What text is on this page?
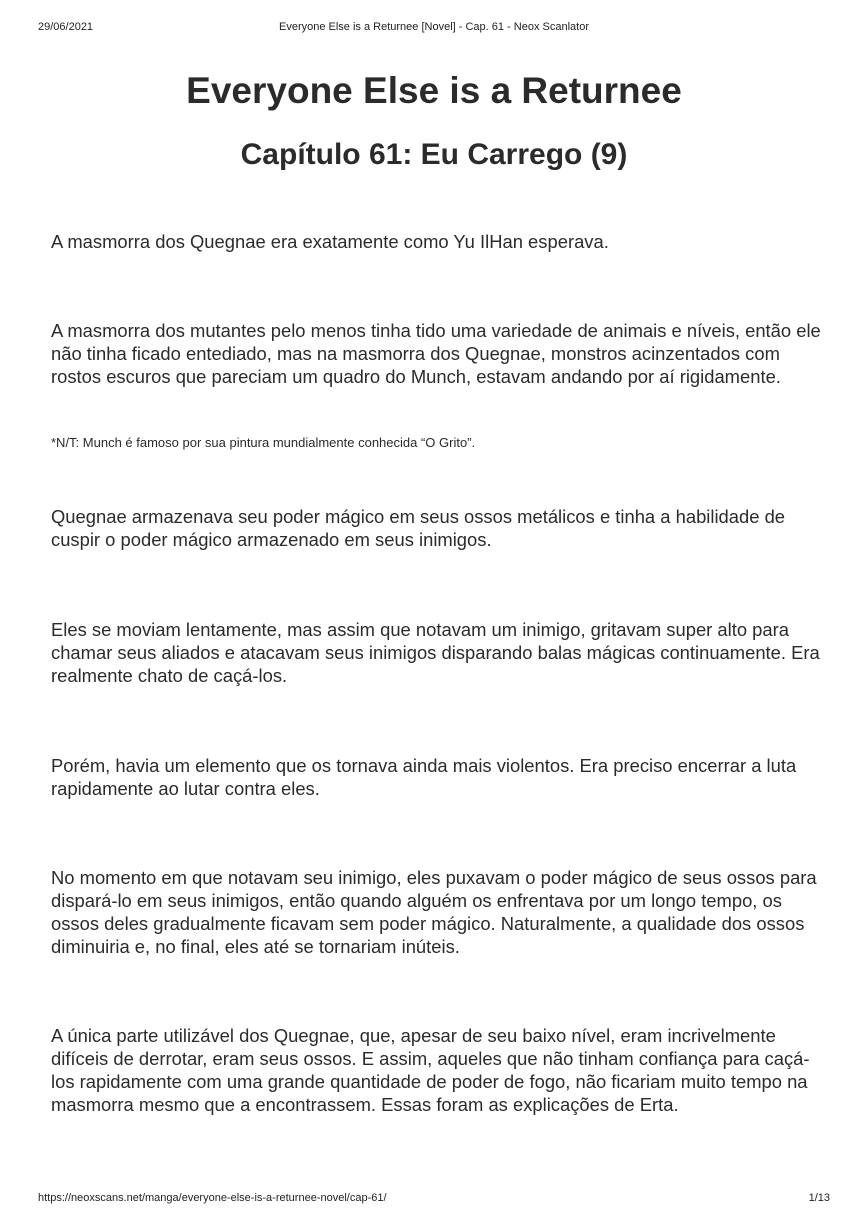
29/06/2021	Everyone Else is a Returnee [Novel] - Cap. 61 - Neox Scanlator
Everyone Else is a Returnee
Capítulo 61: Eu Carrego (9)

A masmorra dos Quegnae era exatamente como Yu IlHan esperava.

A masmorra dos mutantes pelo menos tinha tido uma variedade de animais e níveis, então ele não tinha ficado entediado, mas na masmorra dos Quegnae, monstros acinzentados com rostos escuros que pareciam um quadro do Munch, estavam andando por aí rigidamente.

*N/T: Munch é famoso por sua pintura mundialmente conhecida “O Grito”.

Quegnae armazenava seu poder mágico em seus ossos metálicos e tinha a habilidade de cuspir o poder mágico armazenado em seus inimigos.

Eles se moviam lentamente, mas assim que notavam um inimigo, gritavam super alto para chamar seus aliados e atacavam seus inimigos disparando balas mágicas continuamente. Era realmente chato de caçá-los.

Porém, havia um elemento que os tornava ainda mais violentos. Era preciso encerrar a luta rapidamente ao lutar contra eles.

No momento em que notavam seu inimigo, eles puxavam o poder mágico de seus ossos para dispará-lo em seus inimigos, então quando alguém os enfrentava por um longo tempo, os ossos deles gradualmente ficavam sem poder mágico. Naturalmente, a qualidade dos ossos diminuiria e, no final, eles até se tornariam inúteis.

A única parte utilizável dos Quegnae, que, apesar de seu baixo nível, eram incrivelmente difíceis de derrotar, eram seus ossos. E assim, aqueles que não tinham confiança para caçá-los rapidamente com uma grande quantidade de poder de fogo, não ficariam muito tempo na masmorra mesmo que a encontrassem. Essas foram as explicações de Erta.

https://neoxscans.net/manga/everyone-else-is-a-returnee-novel/cap-61/	1/13
